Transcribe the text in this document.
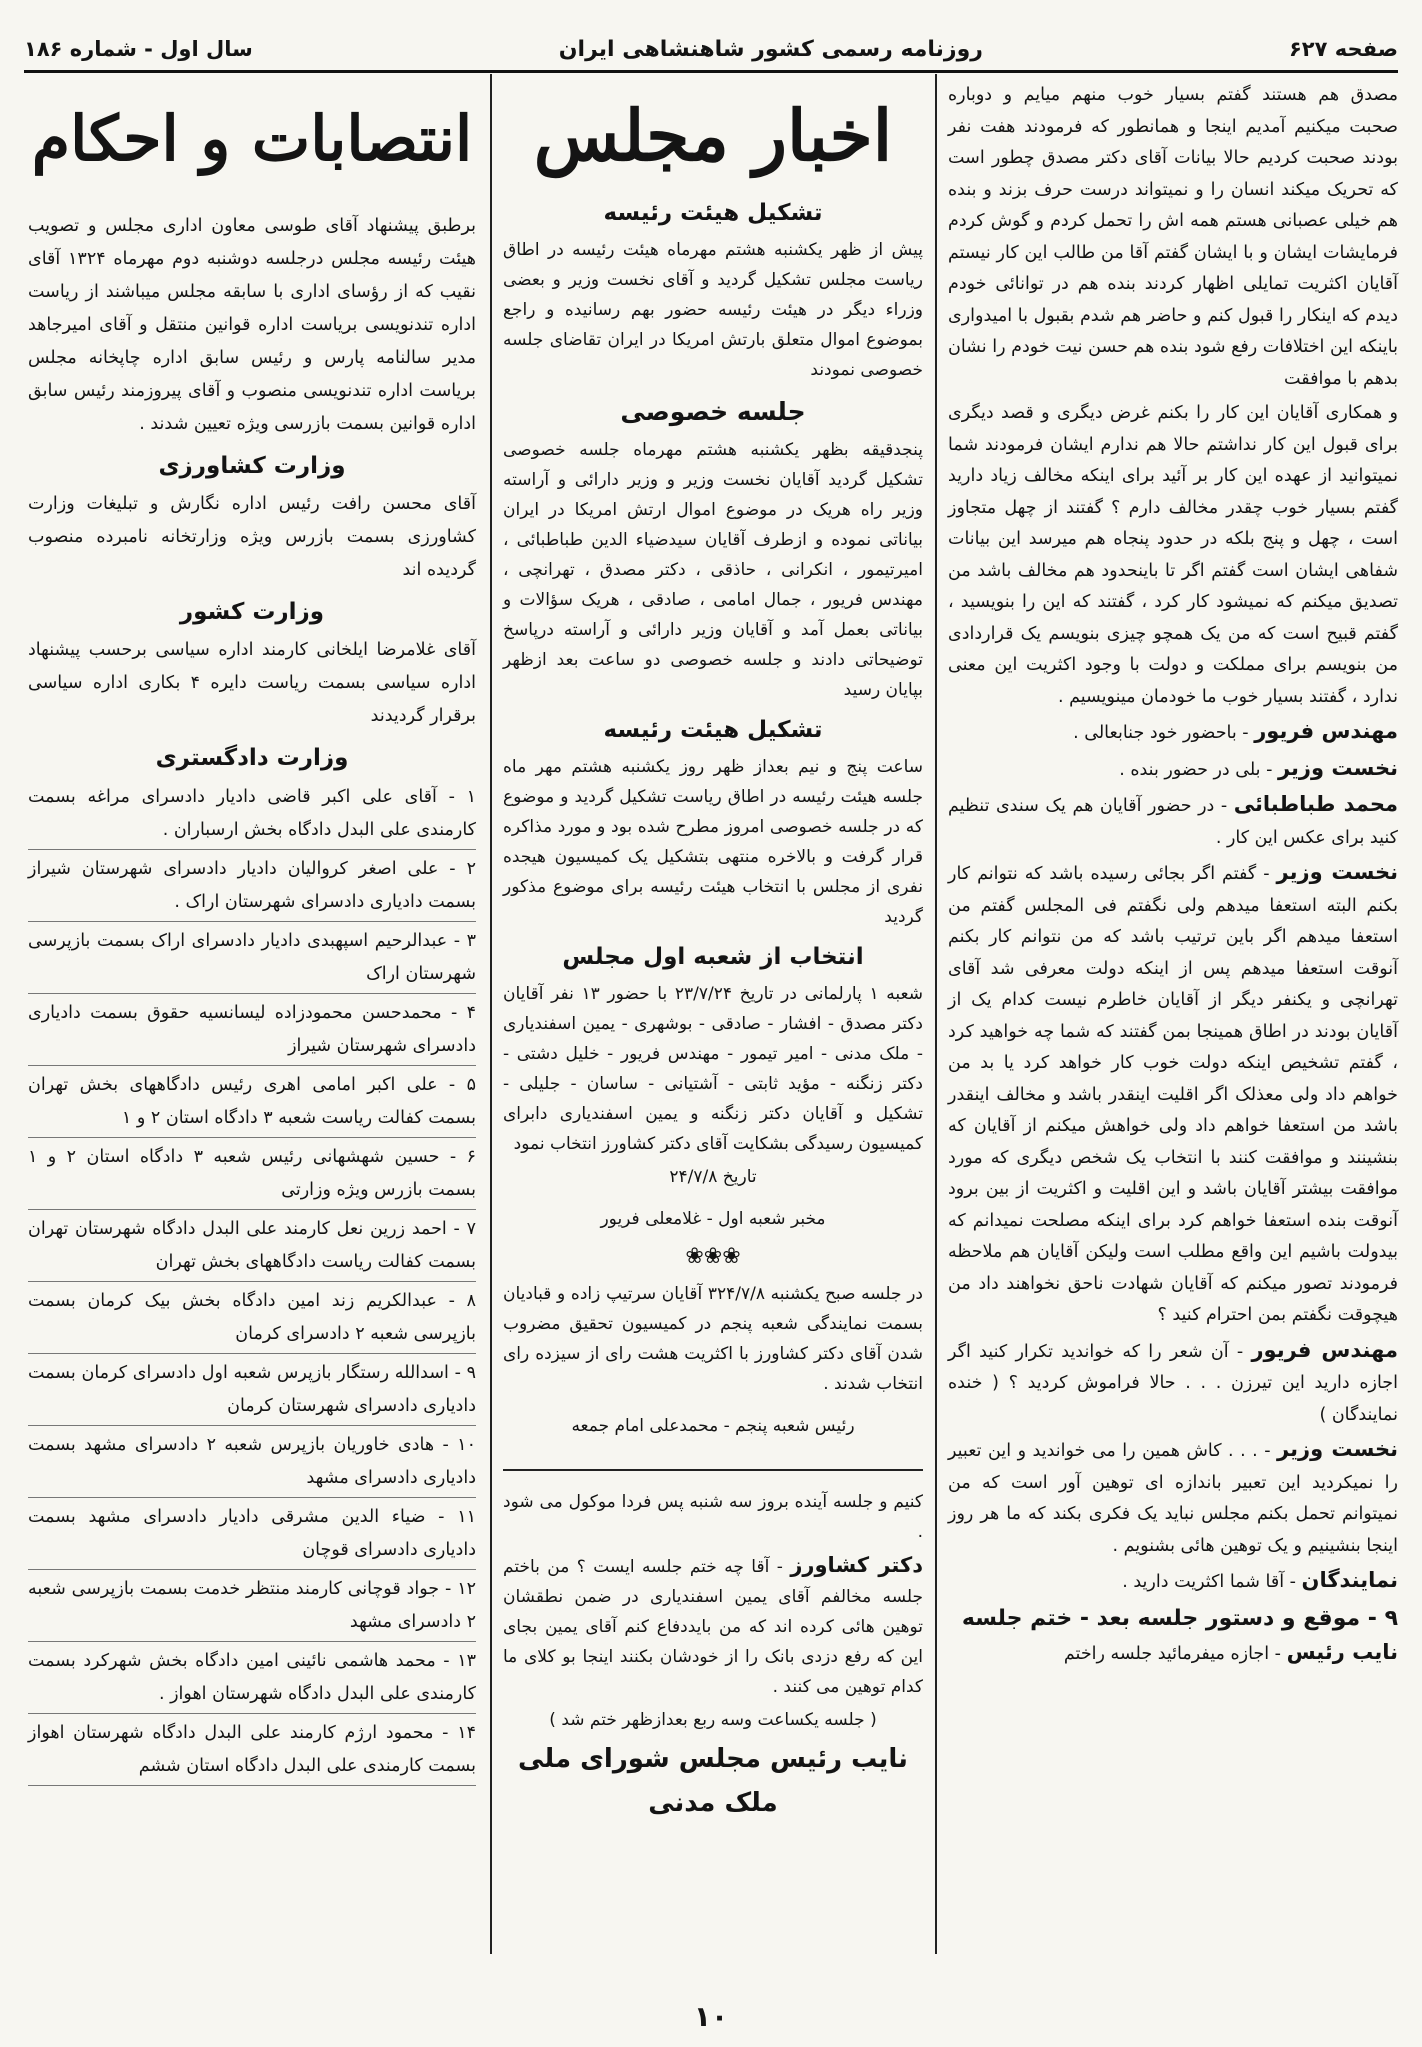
صفحه ۶۲۷
روزنامه رسمی کشور شاهنشاهی ایران
سال اول - شماره ۱۸۶

مصدق هم هستند گفتم بسیار خوب منهم میایم و دوباره صحبت میکنیم آمدیم اینجا و همانطور که فرمودند هفت نفر بودند صحبت کردیم حالا بیانات آقای دکتر مصدق چطور است که تحریک میکند انسان را و نمیتواند درست حرف بزند و بنده هم خیلی عصبانی هستم همه اش را تحمل کردم و گوش کردم فرمایشات ایشان و با ایشان گفتم آقا من طالب این کار نیستم آقایان اکثریت تمایلی اظهار کردند بنده هم در توانائی خودم دیدم که اینکار را قبول کنم و حاضر هم شدم بقبول با امیدواری باینکه این اختلافات رفع شود بنده هم حسن نیت خودم را نشان بدهم با موافقت

و همکاری آقایان این کار را بکنم غرض دیگری و قصد دیگری برای قبول این کار نداشتم حالا هم ندارم ایشان فرمودند شما نمیتوانید از عهده این کار بر آئید برای اینکه مخالف زیاد دارید گفتم بسیار خوب چقدر مخالف دارم ؟ گفتند از چهل متجاوز است ، چهل و پنج بلکه در حدود پنجاه هم میرسد این بیانات شفاهی ایشان است گفتم اگر تا باینحدود هم مخالف باشد من تصدیق میکنم که نمیشود کار کرد ، گفتند که این را بنویسید ، گفتم قبیح است که من یک همچو چیزی بنویسم یک قراردادی من بنویسم برای مملکت و دولت با وجود اکثریت این معنی ندارد ، گفتند بسیار خوب ما خودمان مینویسیم .

مهندس فریور - باحضور خود جنابعالی .

نخست وزیر - بلی در حضور بنده .

محمد طباطبائی - در حضور آقایان هم یک سندی تنظیم کنید برای عکس این کار .

نخست وزیر - گفتم اگر بجائی رسیده باشد که نتوانم کار بکنم البته استعفا میدهم ولی نگفتم فی المجلس گفتم من استعفا میدهم اگر باین ترتیب باشد که من نتوانم کار بکنم آنوقت استعفا میدهم پس از اینکه دولت معرفی شد آقای تهرانچی و یکنفر دیگر از آقایان خاطرم نیست کدام یک از آقایان بودند در اطاق همینجا بمن گفتند که شما چه خواهید کرد ، گفتم تشخیص اینکه دولت خوب کار خواهد کرد یا بد من خواهم داد ولی معذلک اگر اقلیت اینقدر باشد و مخالف اینقدر باشد من استعفا خواهم داد ولی خواهش میکنم از آقایان که بنشینند و موافقت کنند با انتخاب یک شخص دیگری که مورد موافقت بیشتر آقایان باشد و این اقلیت و اکثریت از بین برود آنوقت بنده استعفا خواهم کرد برای اینکه مصلحت نمیدانم که بیدولت باشیم این واقع مطلب است ولیکن آقایان هم ملاحظه فرمودند تصور میکنم که آقایان شهادت ناحق نخواهند داد من هیچوقت نگفتم بمن احترام کنید ؟

مهندس فریور - آن شعر را که خواندید تکرار کنید اگر اجازه دارید این تیرزن . . . حالا فراموش کردید ؟ ( خنده نمایندگان )

نخست وزیر - . . . کاش همین را می خواندید و این تعبیر را نمیکردید این تعبیر باندازه ای توهین آور است که من نمیتوانم تحمل بکنم مجلس نباید یک فکری بکند که ما هر روز اینجا بنشینیم و یک توهین هائی بشنویم .

نمایندگان - آقا شما اکثریت دارید .

۹ - موقع و دستور جلسه بعد - ختم جلسه

نایب رئیس - اجازه میفرمائید جلسه راختم

اخبار مجلس
تشکیل هیئت رئیسه

پیش از ظهر یکشنبه هشتم مهرماه هیئت رئیسه در اطاق ریاست مجلس تشکیل گردید و آقای نخست وزیر و بعضی وزراء دیگر در هیئت رئیسه حضور بهم رسانیده و راجع بموضوع اموال متعلق بارتش امریکا در ایران تقاضای جلسه خصوصی نمودند

جلسه خصوصی

پنجدقیقه بظهر یکشنبه هشتم مهرماه جلسه خصوصی تشکیل گردید آقایان نخست وزیر و وزیر دارائی و آراسته وزیر راه هریک در موضوع اموال ارتش امریکا در ایران بیاناتی نموده و ازطرف آقایان سیدضیاء الدین طباطبائی ، امیرتیمور ، انکرانی ، حاذقی ، دکتر مصدق ، تهرانچی ، مهندس فریور ، جمال امامی ، صادقی ، هریک سؤالات و بیاناتی بعمل آمد و آقایان وزیر دارائی و آراسته درپاسخ توضیحاتی دادند و جلسه خصوصی دو ساعت بعد ازظهر بپایان رسید

تشکیل هیئت رئیسه

ساعت پنج و نیم بعداز ظهر روز یکشنبه هشتم مهر ماه جلسه هیئت رئیسه در اطاق ریاست تشکیل گردید و موضوع که در جلسه خصوصی امروز مطرح شده بود و مورد مذاکره قرار گرفت و بالاخره منتهی بتشکیل یک کمیسیون هیجده نفری از مجلس با انتخاب هیئت رئیسه برای موضوع مذکور گردید

انتخاب از شعبه اول مجلس

شعبه ۱ پارلمانی در تاریخ ۲۳/۷/۲۴ با حضور ۱۳ نفر آقایان دکتر مصدق - افشار - صادقی - بوشهری - یمین اسفندیاری - ملک مدنی - امیر تیمور - مهندس فریور - خلیل دشتی - دکتر زنگنه - مؤید ثابتی - آشتیانی - ساسان - جلیلی - تشکیل و آقایان دکتر زنگنه و یمین اسفندیاری دابرای کمیسیون رسیدگی بشکایت آقای دکتر کشاورز انتخاب نمود

تاریخ ۲۴/۷/۸

مخبر شعبه اول - غلامعلی فریور

❀❀❀

در جلسه صبح یکشنبه ۳۲۴/۷/۸ آقایان سرتیپ زاده و قبادیان بسمت نمایندگی شعبه پنجم در کمیسیون تحقیق مضروب شدن آقای دکتر کشاورز با اکثریت هشت رای از سیزده رای انتخاب شدند .

رئیس شعبه پنجم - محمدعلی امام جمعه

کنیم و جلسه آینده بروز سه شنبه پس فردا موکول می شود .

دکتر کشاورز - آقا چه ختم جلسه ایست ؟ من باختم جلسه مخالفم آقای یمین اسفندیاری در ضمن نطقشان توهین هائی کرده اند که من بایددفاع کنم آقای یمین بجای این که رفع دزدی بانک را از خودشان بکنند اینجا بو کلای ما کدام توهین می کنند .

( جلسه یکساعت وسه ربع بعدازظهر ختم شد )

نایب رئیس مجلس شورای ملی
ملک مدنی
انتصابات و احکام

برطبق پیشنهاد آقای طوسی معاون اداری مجلس و تصویب هیئت رئیسه مجلس درجلسه دوشنبه دوم مهرماه ۱۳۲۴ آقای نقیب که از رؤسای اداری با سابقه مجلس میباشند از ریاست اداره تندنویسی بریاست اداره قوانین منتقل و آقای امیرجاهد مدیر سالنامه پارس و رئیس سابق اداره چاپخانه مجلس بریاست اداره تندنویسی منصوب و آقای پیروزمند رئیس سابق اداره قوانین بسمت بازرسی ویژه تعیین شدند .

وزارت کشاورزی

آقای محسن رافت رئیس اداره نگارش و تبلیغات وزارت کشاورزی بسمت بازرس ویژه وزارتخانه نامبرده منصوب گردیده اند

وزارت کشور

آقای غلامرضا ایلخانی کارمند اداره سیاسی برحسب پیشنهاد اداره سیاسی بسمت ریاست دایره ۴ بکاری اداره سیاسی برقرار گردیدند

وزارت دادگستری

۱ - آقای علی اکبر قاضی دادیار دادسرای مراغه بسمت کارمندی علی البدل دادگاه بخش ارسباران .

۲ - علی اصغر کروالیان دادیار دادسرای شهرستان شیراز بسمت دادیاری دادسرای شهرستان اراک .

۳ - عبدالرحیم اسپهبدی دادیار دادسرای اراک بسمت بازپرسی شهرستان اراک

۴ - محمدحسن محمودزاده لیسانسیه حقوق بسمت دادیاری دادسرای شهرستان شیراز

۵ - علی اکبر امامی اهری رئیس دادگاههای بخش تهران بسمت کفالت ریاست شعبه ۳ دادگاه استان ۲ و ۱

۶ - حسین شهشهانی رئیس شعبه ۳ دادگاه استان ۲ و ۱ بسمت بازرس ویژه وزارتی

۷ - احمد زرین نعل کارمند علی البدل دادگاه شهرستان تهران بسمت کفالت ریاست دادگاههای بخش تهران

۸ - عبدالکریم زند امین دادگاه بخش بیک کرمان بسمت بازپرسی شعبه ۲ دادسرای کرمان

۹ - اسدالله رستگار بازپرس شعبه اول دادسرای کرمان بسمت دادیاری دادسرای شهرستان کرمان

۱۰ - هادی خاوریان بازپرس شعبه ۲ دادسرای مشهد بسمت دادیاری دادسرای مشهد

۱۱ - ضیاء الدین مشرقی دادیار دادسرای مشهد بسمت دادیاری دادسرای قوچان

۱۲ - جواد قوچانی کارمند منتظر خدمت بسمت بازپرسی شعبه ۲ دادسرای مشهد

۱۳ - محمد هاشمی نائینی امین دادگاه بخش شهرکرد بسمت کارمندی علی البدل دادگاه شهرستان اهواز .

۱۴ - محمود ارژم کارمند علی البدل دادگاه شهرستان اهواز بسمت کارمندی علی البدل دادگاه استان ششم

۱۰
